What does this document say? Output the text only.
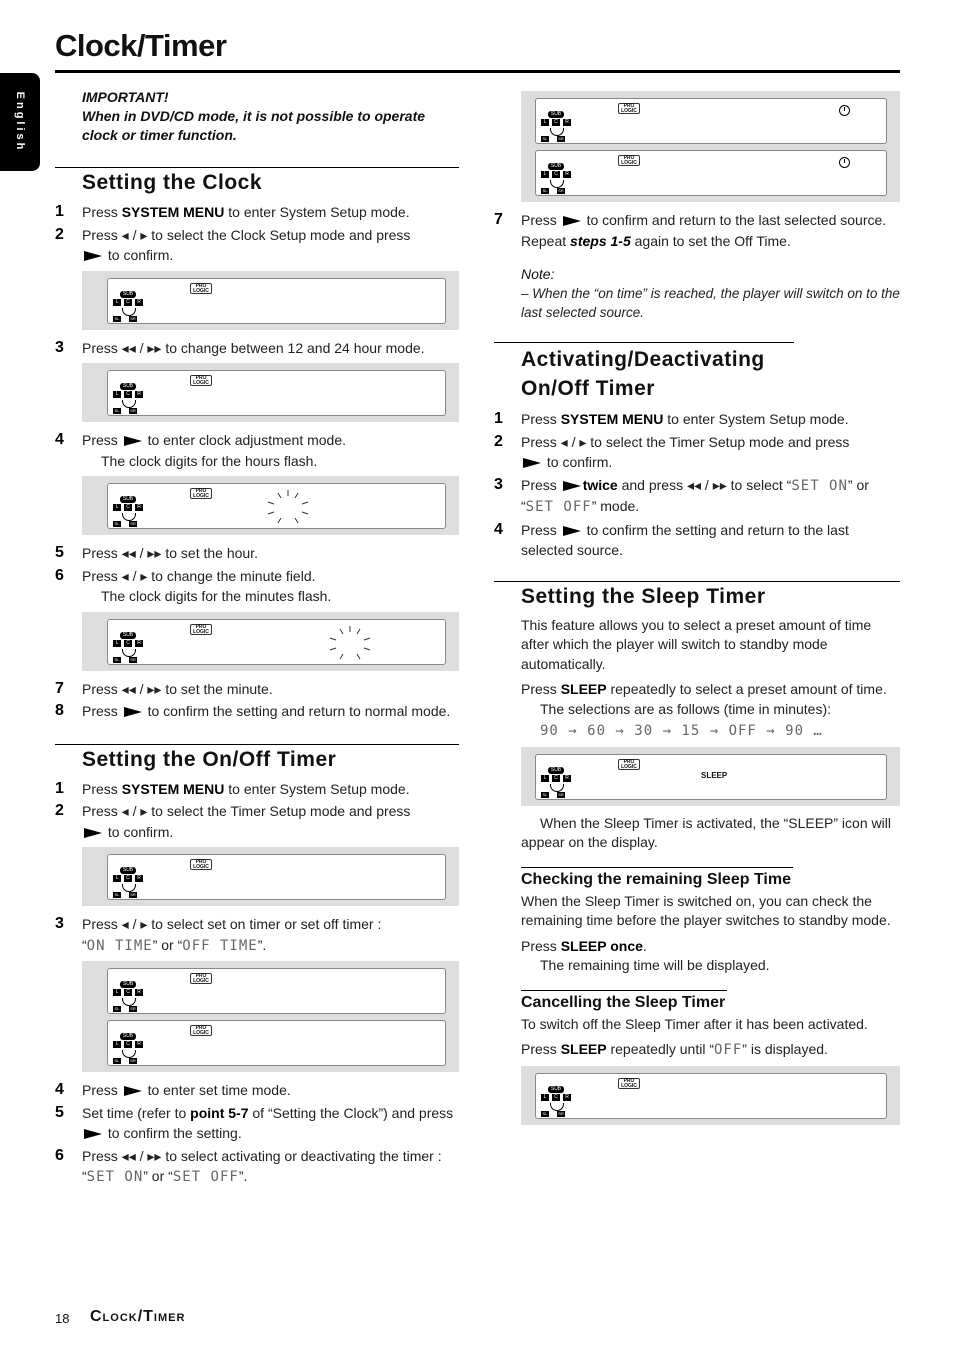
Clock/Timer
English	IMPORTANT!
When in DVD/CD mode, it is not possible to operate clock or timer function.
Setting the Clock
1 Press SYSTEM MENU to enter System Setup mode.
2 Press ◂ / ▸ to select the Clock Setup mode and press
to confirm.
PRO LOGIC
SUB
L	C	R
SL	SR
3 Press ◂◂ / ▸▸ to change between 12 and 24 hour mode.
PRO LOGIC
SUB
L	C	R
SL	SR
4 Press  to enter clock adjustment mode.
The clock digits for the hours flash.
PRO LOGIC
SUB
L	C	R
SL	SR
5 Press ◂◂ / ▸▸ to set the hour.
6 Press ◂ / ▸ to change the minute field.
The clock digits for the minutes flash.
PRO LOGIC
SUB
L	C	R
SL	SR
7 Press ◂◂ / ▸▸ to set the minute.
8 Press  to confirm the setting and return to normal mode.
Setting the On/Off Timer
1 Press SYSTEM MENU to enter System Setup mode.
2 Press ◂ / ▸ to select the Timer Setup mode and press
to confirm.
PRO LOGIC
SUB
L	C	R
SL	SR
3 Press ◂ / ▸ to select set on timer or set off timer :
“ON TIME” or “OFF TIME”.
PRO LOGIC
SUB
L	C	R
SL	SR
PRO LOGIC
SUB
L	C	R
SL	SR
4 Press  to enter set time mode.
5 Set time (refer to point 5-7 of “Setting the Clock”) and press  to confirm the setting.
6 Press ◂◂ / ▸▸ to select activating or deactivating the timer :
“SET ON” or “SET OFF”.
PRO LOGIC
SUB
L	C	R
SL	SR
PRO LOGIC
SUB
L	C	R
SL	SR
7 Press  to confirm and return to the last selected source. Repeat steps 1-5 again to set the Off Time.
Note:
– When the “on time” is reached, the player will switch on to the last selected source.
Activating/Deactivating On/Off Timer
1 Press SYSTEM MENU to enter System Setup mode.
2 Press ◂ / ▸ to select the Timer Setup mode and press
to confirm.
3 Press twice and press ◂◂ / ▸▸ to select “SET ON” or “SET OFF” mode.
4 Press  to confirm the setting and return to the last selected source.
Setting the Sleep Timer
This feature allows you to select a preset amount of time after which the player will switch to standby mode automatically.
Press SLEEP repeatedly to select a preset amount of time.
The selections are as follows (time in minutes):
90 → 60 → 30 → 15 → OFF → 90 …
PRO LOGIC
SUB
L	C	R
SL	SR
SLEEP
When the Sleep Timer is activated, the “SLEEP” icon will appear on the display.
Checking the remaining Sleep Time
When the Sleep Timer is switched on, you can check the remaining time before the player switches to standby mode.
Press SLEEP once.
The remaining time will be displayed.
Cancelling the Sleep Timer
To switch off the Sleep Timer after it has been activated.
Press SLEEP repeatedly until “OFF” is displayed.
PRO LOGIC
SUB
L	C	R
SL	SR
18 Clock/Timer
